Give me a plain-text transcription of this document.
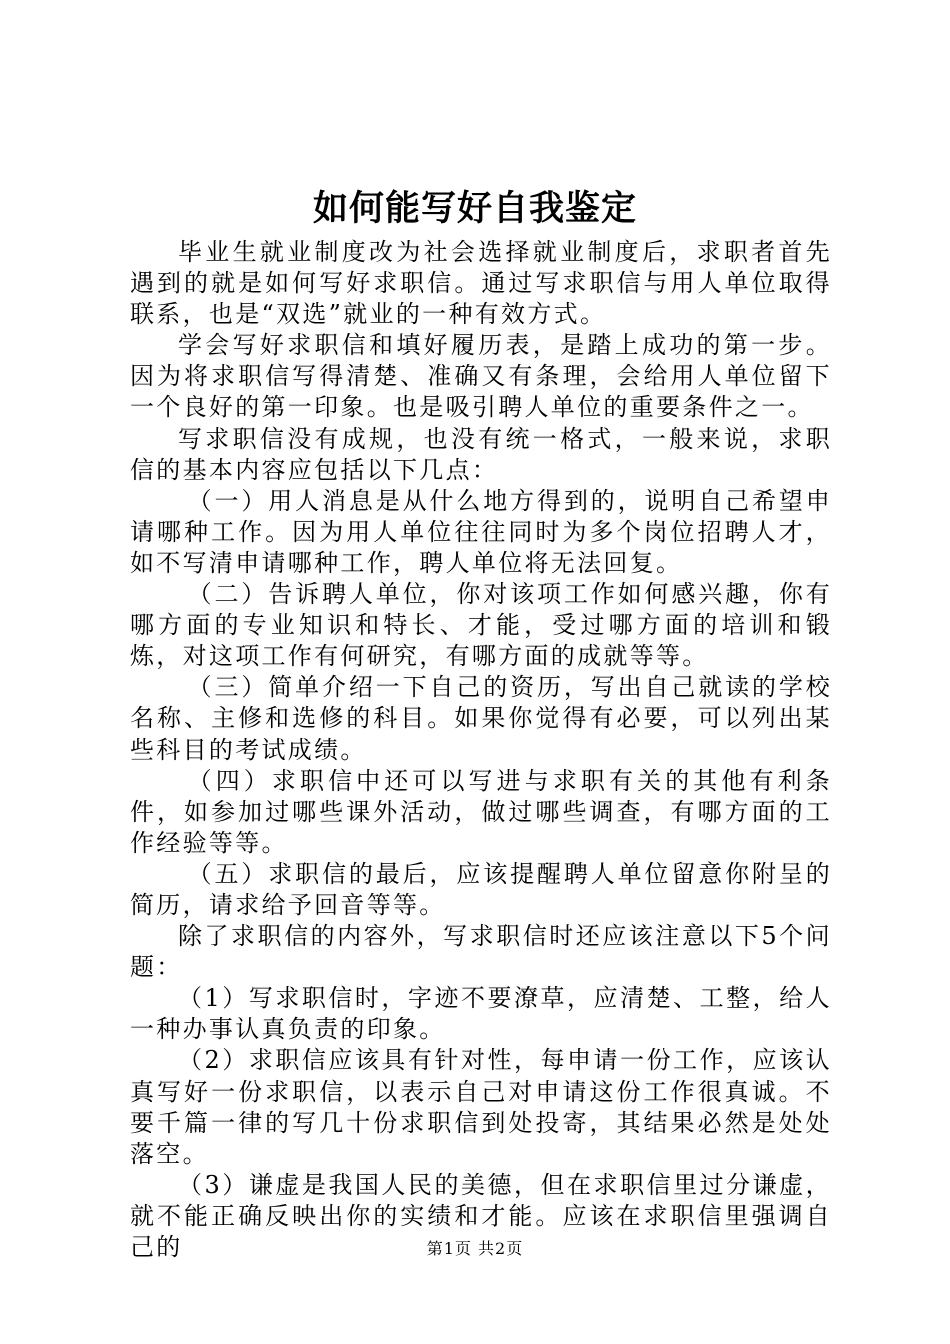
如何能写好自我鉴定

毕业生就业制度改为社会选择就业制度后，求职者首先遇到的就是如何写好求职信。通过写求职信与用人单位取得联系，也是“双选”就业的一种有效方式。

学会写好求职信和填好履历表，是踏上成功的第一步。因为将求职信写得清楚、准确又有条理，会给用人单位留下一个良好的第一印象。也是吸引聘人单位的重要条件之一。

写求职信没有成规，也没有统一格式，一般来说，求职信的基本内容应包括以下几点：

（一）用人消息是从什么地方得到的，说明自己希望申请哪种工作。因为用人单位往往同时为多个岗位招聘人才，如不写清申请哪种工作，聘人单位将无法回复。

（二）告诉聘人单位，你对该项工作如何感兴趣，你有哪方面的专业知识和特长、才能，受过哪方面的培训和锻炼，对这项工作有何研究，有哪方面的成就等等。

（三）简单介绍一下自己的资历，写出自己就读的学校名称、主修和选修的科目。如果你觉得有必要，可以列出某些科目的考试成绩。

（四）求职信中还可以写进与求职有关的其他有利条件，如参加过哪些课外活动，做过哪些调查，有哪方面的工作经验等等。

（五）求职信的最后，应该提醒聘人单位留意你附呈的简历，请求给予回音等等。

除了求职信的内容外，写求职信时还应该注意以下5个问题：

（1）写求职信时，字迹不要潦草，应清楚、工整，给人一种办事认真负责的印象。

（2）求职信应该具有针对性，每申请一份工作，应该认真写好一份求职信，以表示自己对申请这份工作很真诚。不要千篇一律的写几十份求职信到处投寄，其结果必然是处处落空。

（3）谦虚是我国人民的美德，但在求职信里过分谦虚，就不能正确反映出你的实绩和才能。应该在求职信里强调自己的	第1页 共2页
